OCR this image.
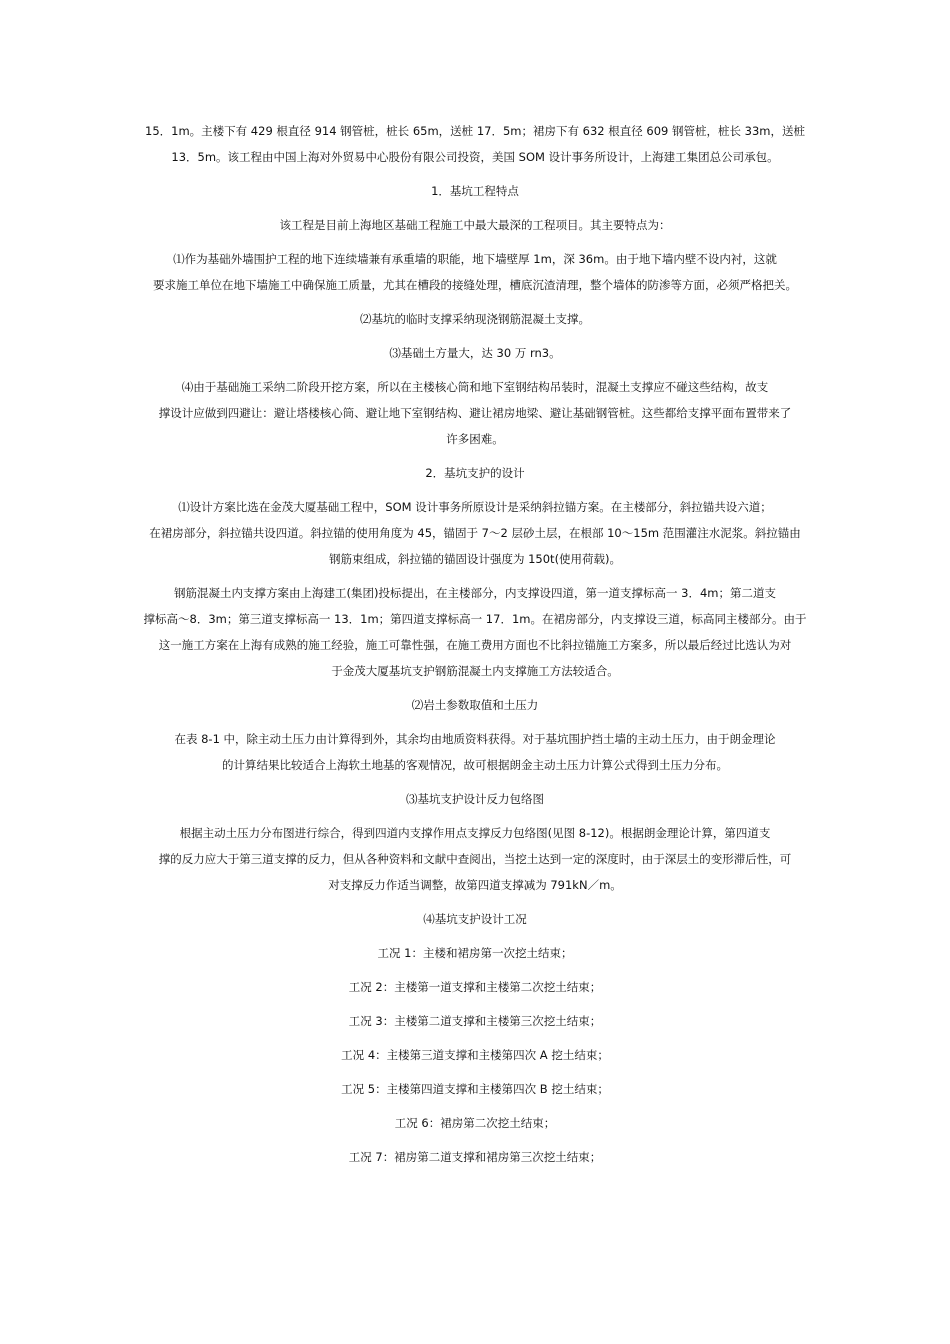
15．1m。主楼下有 429 根直径 914 钢管桩，桩长 65m，送桩 17．5m；裙房下有 632 根直径 609 钢管桩，桩长 33m，送桩
13．5m。该工程由中国上海对外贸易中心股份有限公司投资，美国 SOM 设计事务所设计，上海建工集团总公司承包。
1．基坑工程特点
该工程是目前上海地区基础工程施工中最大最深的工程项目。其主要特点为：
⑴作为基础外墙围护工程的地下连续墙兼有承重墙的职能，地下墙壁厚 1m，深 36m。由于地下墙内壁不设内衬，这就
要求施工单位在地下墙施工中确保施工质量，尤其在槽段的接缝处理，槽底沉渣清理，整个墙体的防渗等方面，必须严格把关。
⑵基坑的临时支撑采纳现浇钢筋混凝土支撑。
⑶基础土方量大，达 30 万 rn3。
⑷由于基础施工采纳二阶段开挖方案，所以在主楼核心筒和地下室钢结构吊装时，混凝土支撑应不碰这些结构，故支
撑设计应做到四避让：避让塔楼核心筒、避让地下室钢结构、避让裙房地梁、避让基础钢管桩。这些都给支撑平面布置带来了
许多困难。
2．基坑支护的设计
⑴设计方案比选在金茂大厦基础工程中，SOM 设计事务所原设计是采纳斜拉锚方案。在主楼部分，斜拉锚共设六道；
在裙房部分，斜拉锚共设四道。斜拉锚的使用角度为 45，锚固于 7～2 层砂土层，在根部 10～15m 范围灌注水泥浆。斜拉锚由
钢筋束组成，斜拉锚的锚固设计强度为 150t(使用荷载)。
钢筋混凝土内支撑方案由上海建工(集团)投标提出，在主楼部分，内支撑设四道，第一道支撑标高一 3．4m；第二道支
撑标高～8．3m；第三道支撑标高一 13．1m；第四道支撑标高一 17．1m。在裙房部分，内支撑设三道，标高同主楼部分。由于
这一施工方案在上海有成熟的施工经验，施工可靠性强，在施工费用方面也不比斜拉锚施工方案多，所以最后经过比选认为对
于金茂大厦基坑支护钢筋混凝土内支撑施工方法较适合。
⑵岩土参数取值和土压力
在表 8-1 中，除主动土压力由计算得到外，其余均由地质资料获得。对于基坑围护挡土墙的主动土压力，由于朗金理论
的计算结果比较适合上海软土地基的客观情况，故可根据朗金主动土压力计算公式得到土压力分布。
⑶基坑支护设计反力包络图
根据主动土压力分布图进行综合，得到四道内支撑作用点支撑反力包络图(见图 8-12)。根据朗金理论计算，第四道支
撑的反力应大于第三道支撑的反力，但从各种资料和文献中查阅出，当挖土达到一定的深度时，由于深层土的变形滞后性，可
对支撑反力作适当调整，故第四道支撑减为 791kN／m。
⑷基坑支护设计工况
工况 1：主楼和裙房第一次挖土结束；
工况 2：主楼第一道支撑和主楼第二次挖土结束；
工况 3：主楼第二道支撑和主楼第三次挖土结束；
工况 4：主楼第三道支撑和主楼第四次 A 挖土结束；
工况 5：主楼第四道支撑和主楼第四次 B 挖土结束；
工况 6：裙房第二次挖土结束；
工况 7：裙房第二道支撑和裙房第三次挖土结束；
